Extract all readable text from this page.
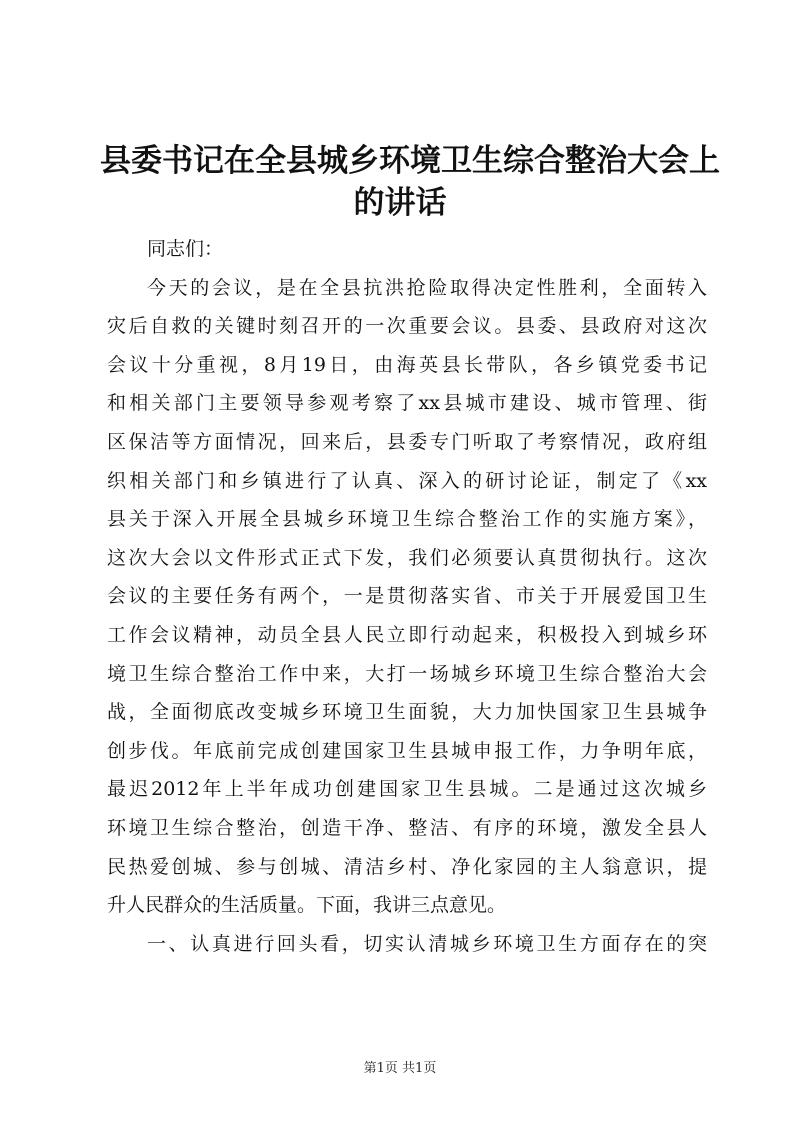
县委书记在全县城乡环境卫生综合整治大会上
的讲话
同志们：
今天的会议，是在全县抗洪抢险取得决定性胜利，全面转入
灾后自救的关键时刻召开的一次重要会议。县委、县政府对这次
会议十分重视，8月19日，由海英县长带队，各乡镇党委书记
和相关部门主要领导参观考察了xx县城市建设、城市管理、街
区保洁等方面情况，回来后，县委专门听取了考察情况，政府组
织相关部门和乡镇进行了认真、深入的研讨论证，制定了《xx
县关于深入开展全县城乡环境卫生综合整治工作的实施方案》，
这次大会以文件形式正式下发，我们必须要认真贯彻执行。这次
会议的主要任务有两个，一是贯彻落实省、市关于开展爱国卫生
工作会议精神，动员全县人民立即行动起来，积极投入到城乡环
境卫生综合整治工作中来，大打一场城乡环境卫生综合整治大会
战，全面彻底改变城乡环境卫生面貌，大力加快国家卫生县城争
创步伐。年底前完成创建国家卫生县城申报工作，力争明年底，
最迟2012年上半年成功创建国家卫生县城。二是通过这次城乡
环境卫生综合整治，创造干净、整洁、有序的环境，激发全县人
民热爱创城、参与创城、清洁乡村、净化家园的主人翁意识，提
升人民群众的生活质量。下面，我讲三点意见。
一、认真进行回头看，切实认清城乡环境卫生方面存在的突
第1页 共1页
